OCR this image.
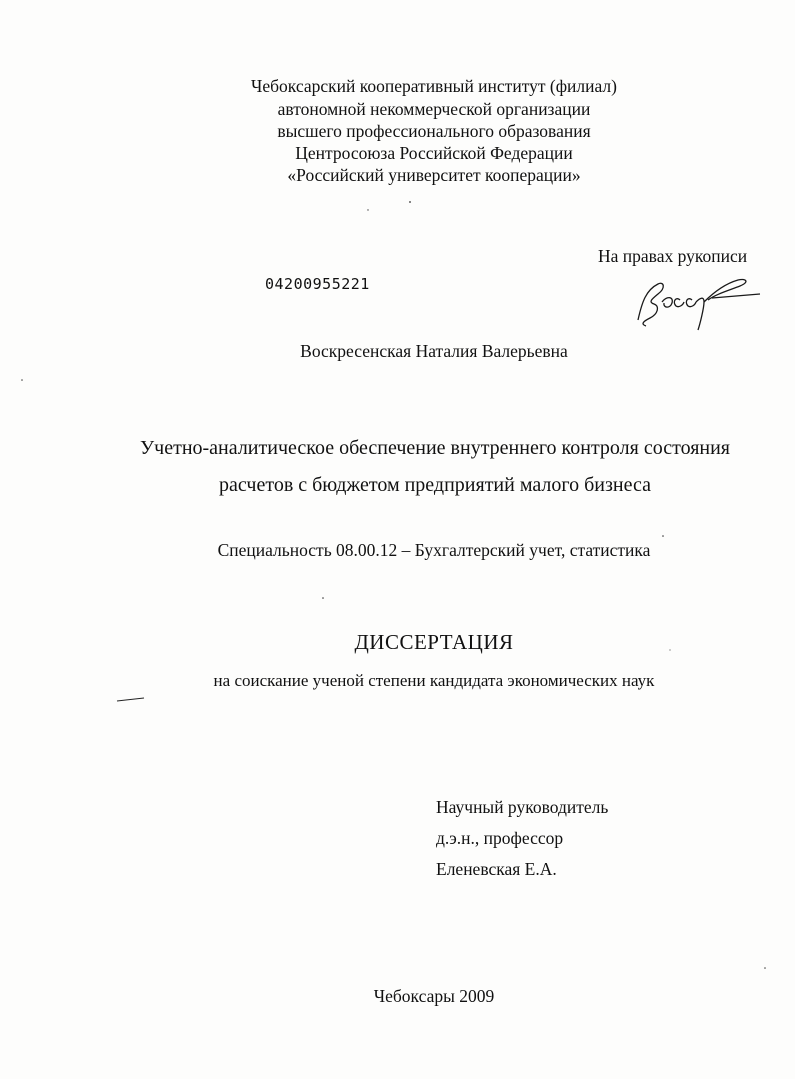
Чебоксарский кооперативный институт (филиал)
автономной некоммерческой организации
высшего профессионального образования
Центросоюза Российской Федерации
«Российский университет кооперации»
На правах рукописи
04200955221
Воскресенская Наталия Валерьевна
Учетно-аналитическое обеспечение внутреннего контроля состояния
расчетов с бюджетом предприятий малого бизнеса
Специальность 08.00.12 – Бухгалтерский учет, статистика
ДИССЕРТАЦИЯ
на соискание ученой степени кандидата экономических наук
Научный руководитель
д.э.н., профессор
Еленевская Е.А.
Чебоксары 2009
